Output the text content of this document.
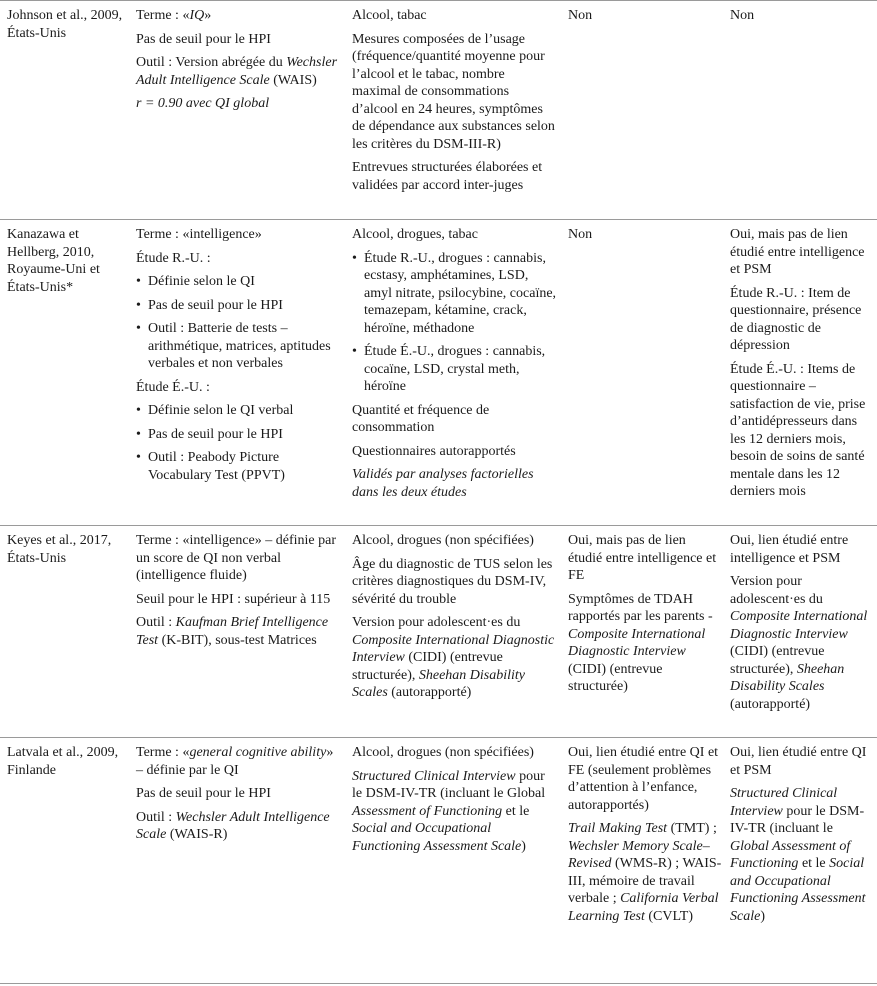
Johnson et al., 2009, États-Unis

Terme : «IQ»

Pas de seuil pour le HPI

Outil : Version abrégée du Wechsler Adult Intelligence Scale (WAIS)

r = 0.90 avec QI global

Alcool, tabac

Mesures composées de l’usage (fréquence/quantité moyenne pour l’alcool et le tabac, nombre maximal de consommations d’alcool en 24 heures, symptômes de dépendance aux substances selon les critères du DSM-III-R)

Entrevues structurées élaborées et validées par accord inter-juges

Non	Non

Kanazawa et Hellberg, 2010, Royaume-Uni et États-Unis*

Terme : «intelligence»

Étude R.-U. :

• Définie selon le QI
• Pas de seuil pour le HPI
• Outil : Batterie de tests – arithmétique, matrices, aptitudes verbales et non verbales

Étude É.-U. :

• Définie selon le QI verbal
• Pas de seuil pour le HPI
• Outil : Peabody Picture Vocabulary Test (PPVT)

Alcool, drogues, tabac

• Étude R.-U., drogues : cannabis, ecstasy, amphétamines, LSD, amyl nitrate, psilocybine, cocaïne, temazepam, kétamine, crack, héroïne, méthadone
• Étude É.-U., drogues : cannabis, cocaïne, LSD, crystal meth, héroïne

Quantité et fréquence de consommation

Questionnaires autorapportés

Validés par analyses factorielles dans les deux études

Non	Oui, mais pas de lien étudié entre intelligence et PSM

Étude R.-U. : Item de questionnaire, présence de diagnostic de dépression

Étude É.-U. : Items de questionnaire – satisfaction de vie, prise d’antidépresseurs dans les 12 derniers mois, besoin de soins de santé mentale dans les 12 derniers mois

Keyes et al., 2017, États-Unis

Terme : «intelligence» – définie par un score de QI non verbal (intelligence fluide)

Seuil pour le HPI : supérieur à 115

Outil : Kaufman Brief Intelligence Test (K-BIT), sous-test Matrices

Alcool, drogues (non spécifiées)

Âge du diagnostic de TUS selon les critères diagnostiques du DSM-IV, sévérité du trouble

Version pour adolescent·es du Composite International Diagnostic Interview (CIDI) (entrevue structurée), Sheehan Disability Scales (autorapporté)

Oui, mais pas de lien étudié entre intelligence et FE

Symptômes de TDAH rapportés par les parents - Composite International Diagnostic Interview (CIDI) (entrevue structurée)

Oui, lien étudié entre intelligence et PSM

Version pour adolescent·es du Composite International Diagnostic Interview (CIDI) (entrevue structurée), Sheehan Disability Scales (autorapporté)

Latvala et al., 2009, Finlande

Terme : «general cognitive ability» – définie par le QI

Pas de seuil pour le HPI

Outil : Wechsler Adult Intelligence Scale (WAIS-R)

Alcool, drogues (non spécifiées)

Structured Clinical Interview pour le DSM-IV-TR (incluant le Global Assessment of Functioning et le Social and Occupational Functioning Assessment Scale)

Oui, lien étudié entre QI et FE (seulement problèmes d’attention à l’enfance, autorapportés)

Trail Making Test (TMT) ; Wechsler Memory Scale–Revised (WMS-R) ; WAIS-III, mémoire de travail verbale ; California Verbal Learning Test (CVLT)

Oui, lien étudié entre QI et PSM

Structured Clinical Interview pour le DSM-IV-TR (incluant le Global Assessment of Functioning et le Social and Occupational Functioning Assessment Scale)
